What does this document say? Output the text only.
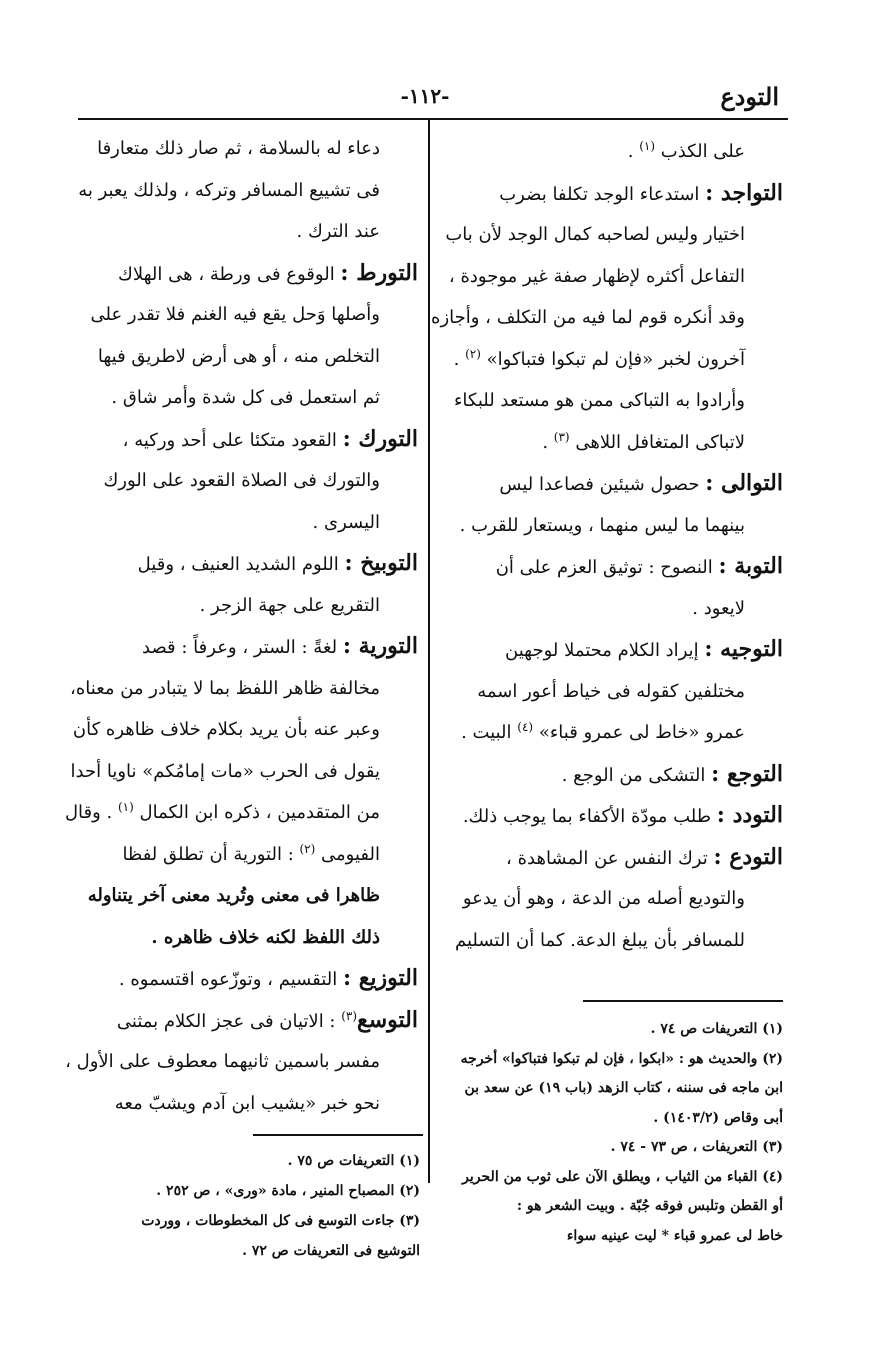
التودع
-١١٢-
على الكذب $^{(١)}$ .
التواجد : استدعاء الوجد تكلفا بضرب
اختيار وليس لصاحبه كمال الوجد لأن باب
التفاعل أكثره لإظهار صفة غير موجودة ،
وقد أنكره قوم لما فيه من التكلف ، وأجازه
آخرون لخبر «فإن لم تبكوا فتباكوا» $^{(٢)}$ .
وأرادوا به التباكى ممن هو مستعد للبكاء
لاتباكى المتغافل اللاهى $^{(٣)}$ .
التوالى : حصول شيئين فصاعدا ليس
بينهما ما ليس منهما ، ويستعار للقرب .
التوبة : النصوح : توثيق العزم على أن
لايعود .
التوجيه : إيراد الكلام محتملا لوجهين
مختلفين كقوله فى خياط أعور اسمه
عمرو «خاط لى عمرو قباء» $^{(٤)}$ البيت .
التوجع : التشكى من الوجع .
التودد : طلب مودّة الأكفاء بما يوجب ذلك.
التودع : ترك النفس عن المشاهدة ،
والتوديع أصله من الدعة ، وهو أن يدعو
للمسافر بأن يبلغ الدعة. كما أن التسليم
دعاء له بالسلامة ، ثم صار ذلك متعارفا
فى تشييع المسافر وتركه ، ولذلك يعبر به
عند الترك .
التورط : الوقوع فى ورطة ، هى الهلاك
وأصلها وَحل يقع فيه الغنم فلا تقدر على
التخلص منه ، أو هى أرض لاطريق فيها
ثم استعمل فى كل شدة وأمر شاق .
التورك : القعود متكئا على أحد وركيه ،
والتورك فى الصلاة القعود على الورك
اليسرى .
التوبيخ : اللوم الشديد العنيف ، وقيل
التقريع على جهة الزجر .
التورية : لغةً : الستر ، وعرفاً : قصد
مخالفة ظاهر اللفظ بما لا يتبادر من معناه،
وعبر عنه بأن يريد بكلام خلاف ظاهره كأن
يقول فى الحرب «مات إمامُكم» ناويا أحدا
من المتقدمين ، ذكره ابن الكمال $^{(١)}$ . وقال
الفيومى $^{(٢)}$ : التورية أن تطلق لفظا
ظاهرا فى معنى وتُريد معنى آخر يتناوله
ذلك اللفظ لكنه خلاف ظاهره .
التوزيع : التقسيم ، وتوزّعوه اقتسموه .
التوسع$^{(٣)}$ : الاتيان فى عجز الكلام بمثنى
مفسر باسمين ثانيهما معطوف على الأول ،
نحو خبر «يشيب ابن آدم ويشبّ معه
(١) التعريفات ص ٧٤ .
(٢) والحديث هو : «ابكوا ، فإن لم تبكوا فتباكوا» أخرجه
ابن ماجه فى سننه ، كتاب الزهد (باب ١٩) عن سعد بن
أبى وقاص (١٤٠٣/٢) .
(٣) التعريفات ، ص ٧٣ - ٧٤ .
(٤) القباء من الثياب ، ويطلق الآن على ثوب من الحرير
أو القطن وتلبس فوقه جُبّة . وبيت الشعر هو :
خاط لى عمرو قباء * ليت عينيه سواء
(١) التعريفات ص ٧٥ .
(٢) المصباح المنير ، مادة «ورى» ، ص ٢٥٢ .
(٣) جاءت التوسع فى كل المخطوطات ، ووردت
التوشيع فى التعريفات ص ٧٢ .
